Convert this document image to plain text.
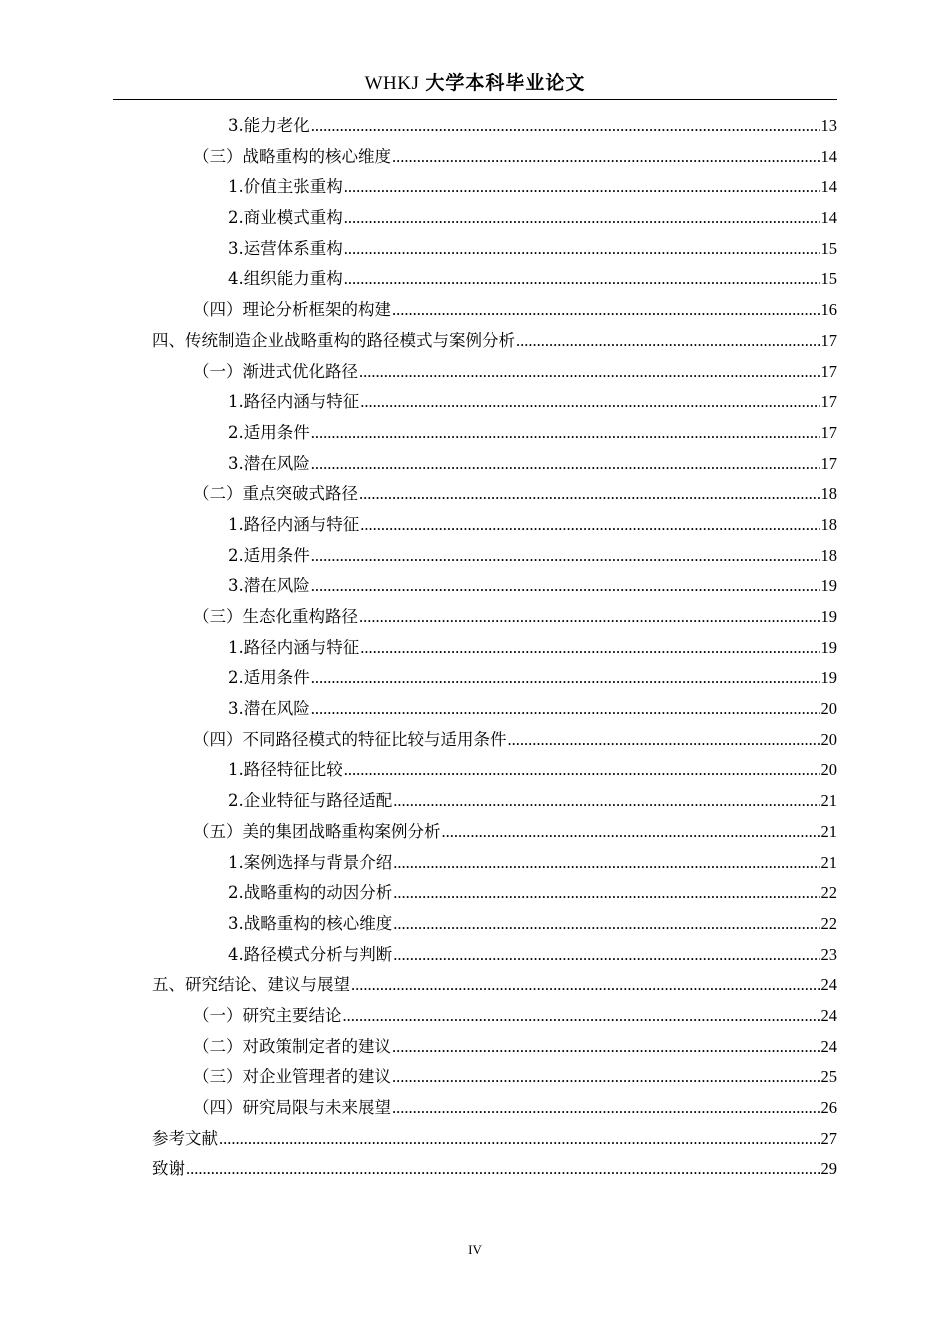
WHKJ 大学本科毕业论文
3.能力老化 .....	13
（三）战略重构的核心维度 .....	14
1.价值主张重构 .....	14
2.商业模式重构 .....	14
3.运营体系重构 .....	15
4.组织能力重构 .....	15
（四）理论分析框架的构建 .....	16
四、传统制造企业战略重构的路径模式与案例分析 .....	17
（一）渐进式优化路径 .....	17
1.路径内涵与特征 .....	17
2.适用条件 .....	17
3.潜在风险 .....	17
（二）重点突破式路径 .....	18
1.路径内涵与特征 .....	18
2.适用条件 .....	18
3.潜在风险 .....	19
（三）生态化重构路径 .....	19
1.路径内涵与特征 .....	19
2.适用条件 .....	19
3.潜在风险 .....	20
（四）不同路径模式的特征比较与适用条件 .....	20
1.路径特征比较 .....	20
2.企业特征与路径适配 .....	21
（五）美的集团战略重构案例分析 .....	21
1.案例选择与背景介绍 .....	21
2.战略重构的动因分析 .....	22
3.战略重构的核心维度 .....	22
4.路径模式分析与判断 .....	23
五、研究结论、建议与展望 .....	24
（一）研究主要结论 .....	24
（二）对政策制定者的建议 .....	24
（三）对企业管理者的建议 .....	25
（四）研究局限与未来展望 .....	26
参考文献 .....	27
致谢 .....	29
IV
